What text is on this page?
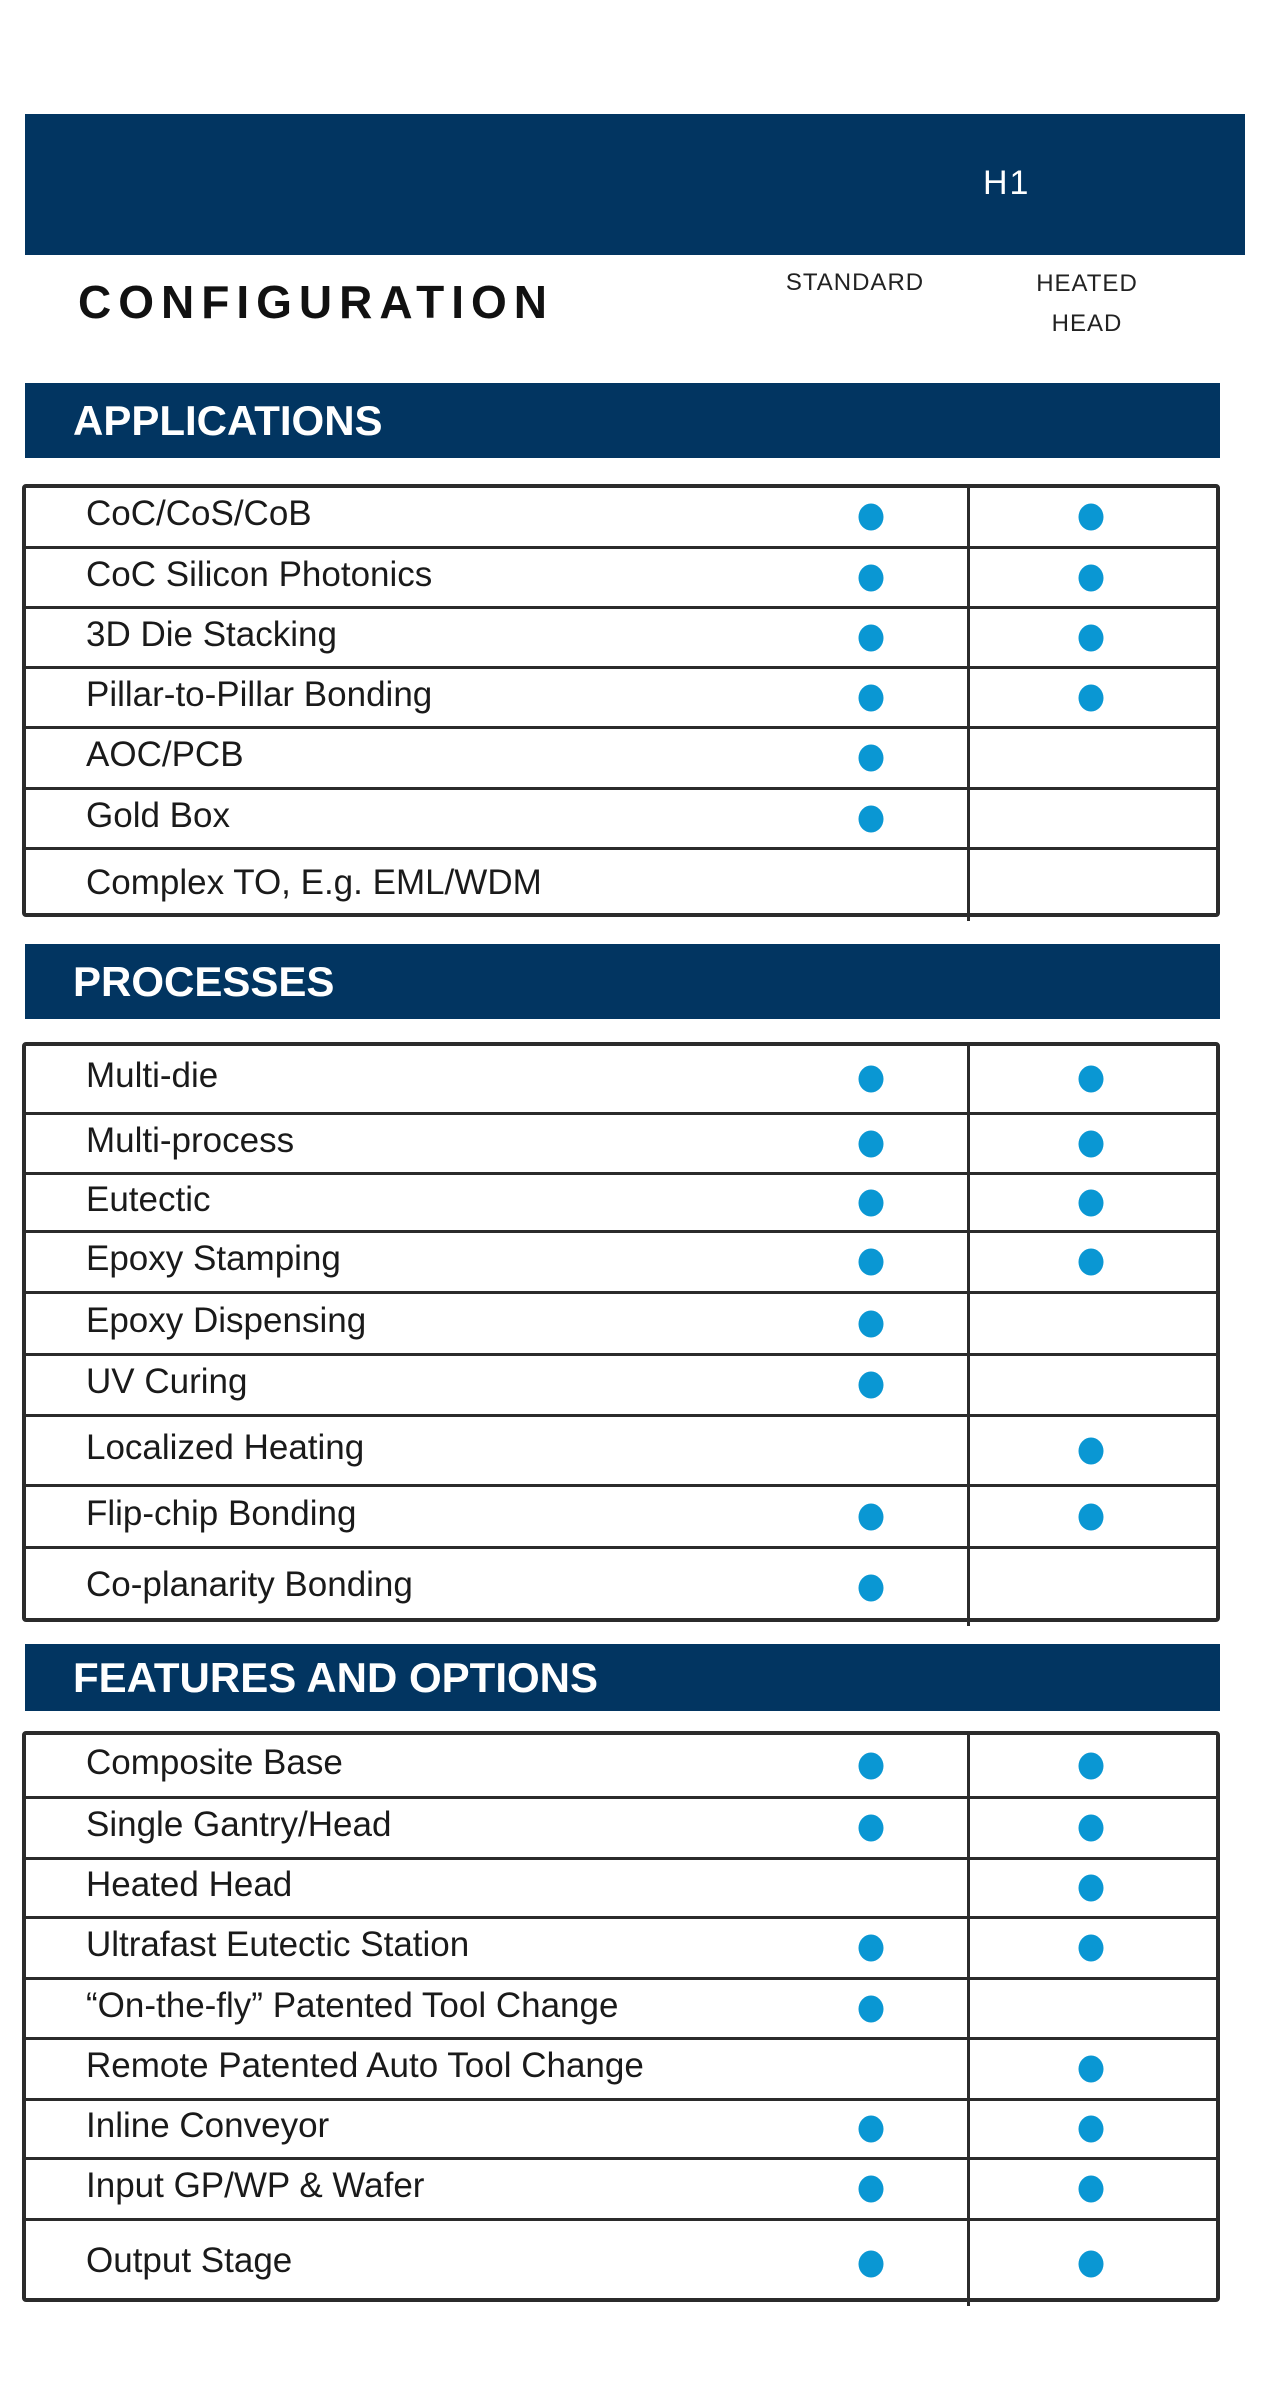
H1
CONFIGURATION	STANDARD	HEATED
HEAD
APPLICATIONS
CoC/CoS/CoB
CoC Silicon Photonics
3D Die Stacking
Pillar-to-Pillar Bonding
AOC/PCB
Gold Box
Complex TO, E.g. EML/WDM
PROCESSES
Multi-die
Multi-process
Eutectic
Epoxy Stamping
Epoxy Dispensing
UV Curing
Localized Heating
Flip-chip Bonding
Co-planarity Bonding
FEATURES AND OPTIONS
Composite Base
Single Gantry/Head
Heated Head
Ultrafast Eutectic Station
“On-the-fly” Patented Tool Change
Remote Patented Auto Tool Change
Inline Conveyor
Input GP/WP & Wafer
Output Stage
